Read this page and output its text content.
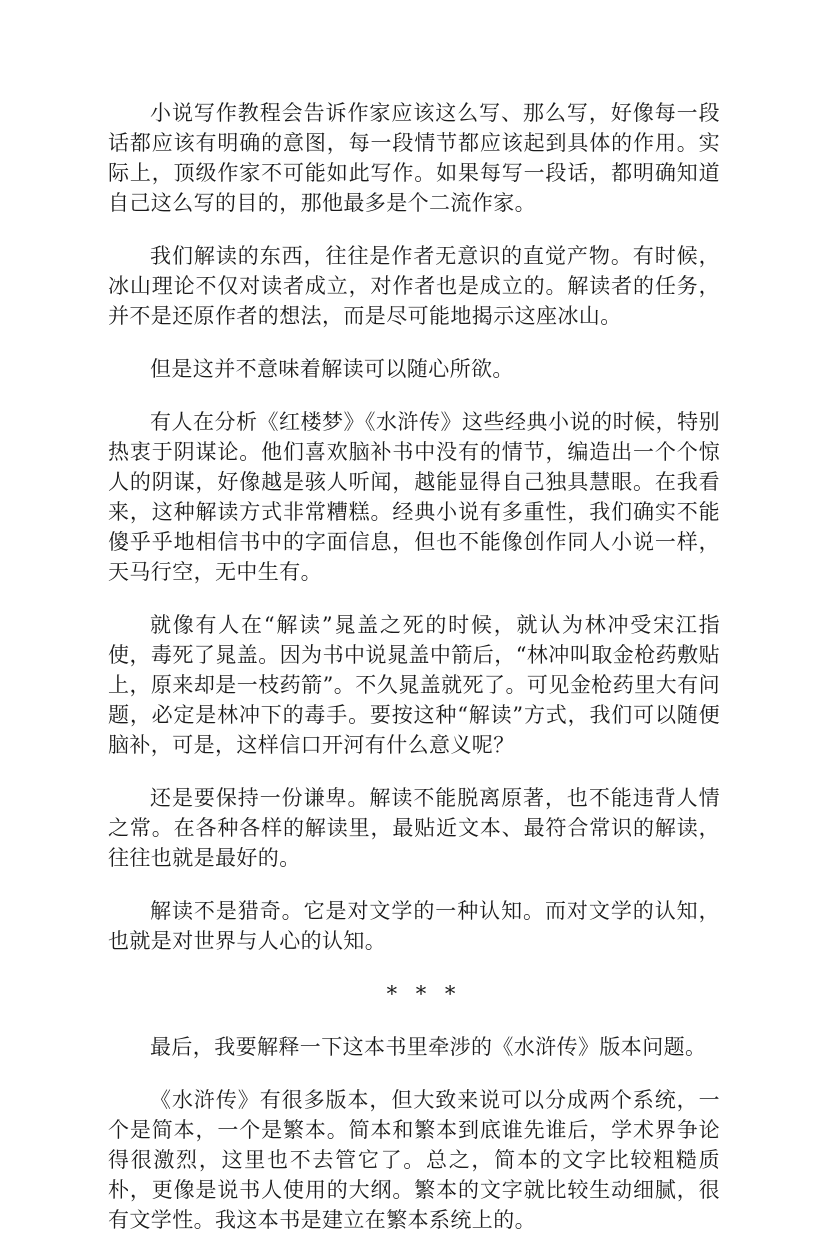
小说写作教程会告诉作家应该这么写、那么写，好像每一段话都应该有明确的意图，每一段情节都应该起到具体的作用。实际上，顶级作家不可能如此写作。如果每写一段话，都明确知道自己这么写的目的，那他最多是个二流作家。

我们解读的东西，往往是作者无意识的直觉产物。有时候，冰山理论不仅对读者成立，对作者也是成立的。解读者的任务，并不是还原作者的想法，而是尽可能地揭示这座冰山。

但是这并不意味着解读可以随心所欲。

有人在分析《红楼梦》《水浒传》这些经典小说的时候，特别热衷于阴谋论。他们喜欢脑补书中没有的情节，编造出一个个惊人的阴谋，好像越是骇人听闻，越能显得自己独具慧眼。在我看来，这种解读方式非常糟糕。经典小说有多重性，我们确实不能傻乎乎地相信书中的字面信息，但也不能像创作同人小说一样，天马行空，无中生有。

就像有人在“解读”晁盖之死的时候，就认为林冲受宋江指使，毒死了晁盖。因为书中说晁盖中箭后，“林冲叫取金枪药敷贴上，原来却是一枝药箭”。不久晁盖就死了。可见金枪药里大有问题，必定是林冲下的毒手。要按这种“解读”方式，我们可以随便脑补，可是，这样信口开河有什么意义呢？

还是要保持一份谦卑。解读不能脱离原著，也不能违背人情之常。在各种各样的解读里，最贴近文本、最符合常识的解读，往往也就是最好的。

解读不是猎奇。它是对文学的一种认知。而对文学的认知，也就是对世界与人心的认知。

* * *

最后，我要解释一下这本书里牵涉的《水浒传》版本问题。

《水浒传》有很多版本，但大致来说可以分成两个系统，一个是简本，一个是繁本。简本和繁本到底谁先谁后，学术界争论得很激烈，这里也不去管它了。总之，简本的文字比较粗糙质朴，更像是说书人使用的大纲。繁本的文字就比较生动细腻，很有文学性。我这本书是建立在繁本系统上的。
